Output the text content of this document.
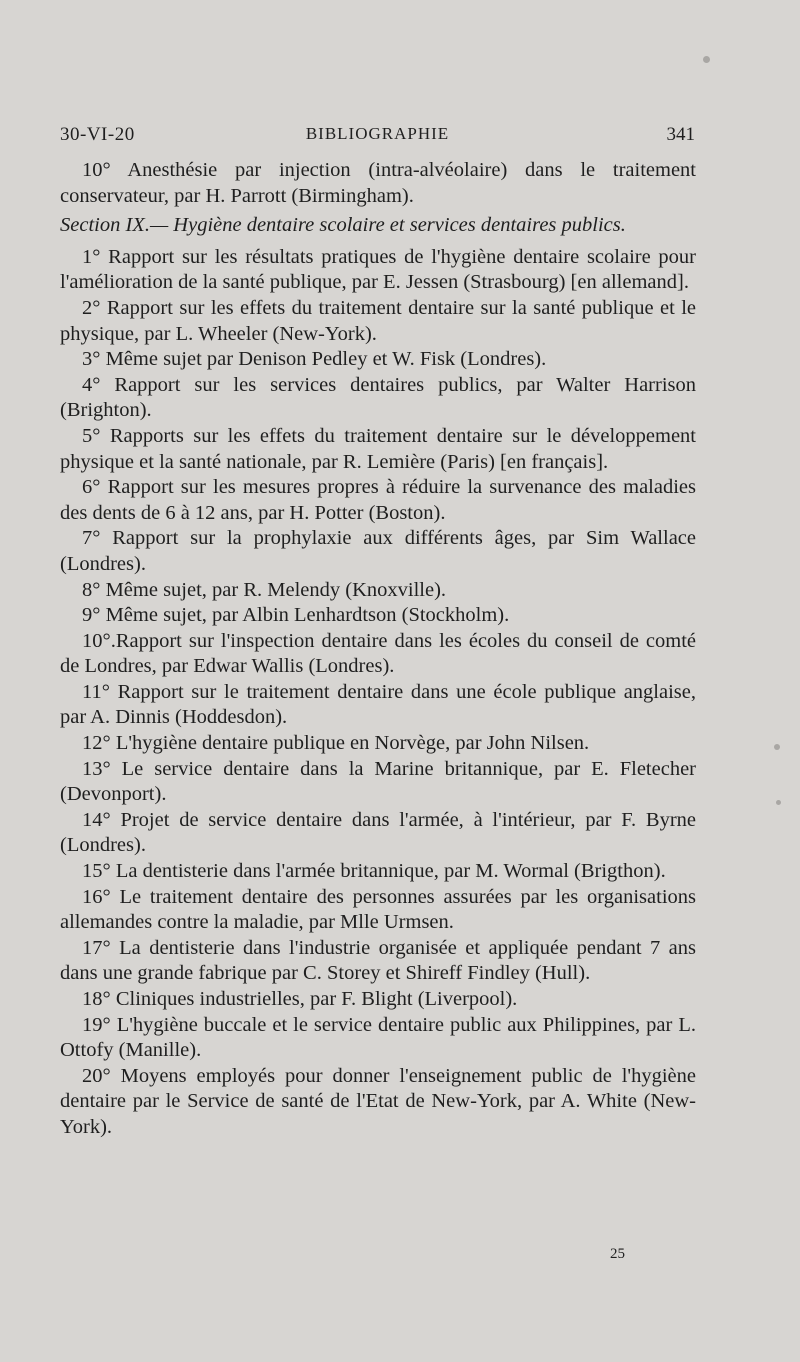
30-VI-20	BIBLIOGRAPHIE	341

10° Anesthésie par injection (intra-alvéolaire) dans le traitement conservateur, par H. Parrott (Birmingham).

Section IX.— Hygiène dentaire scolaire et services dentaires publics.

1° Rapport sur les résultats pratiques de l'hygiène dentaire scolaire pour l'amélioration de la santé publique, par E. Jessen (Strasbourg) [en allemand].

2° Rapport sur les effets du traitement dentaire sur la santé publique et le physique, par L. Wheeler (New-York).

3° Même sujet par Denison Pedley et W. Fisk (Londres).

4° Rapport sur les services dentaires publics, par Walter Harrison (Brighton).

5° Rapports sur les effets du traitement dentaire sur le développement physique et la santé nationale, par R. Lemière (Paris) [en français].

6° Rapport sur les mesures propres à réduire la survenance des maladies des dents de 6 à 12 ans, par H. Potter (Boston).

7° Rapport sur la prophylaxie aux différents âges, par Sim Wallace (Londres).

8° Même sujet, par R. Melendy (Knoxville).

9° Même sujet, par Albin Lenhardtson (Stockholm).

10°.Rapport sur l'inspection dentaire dans les écoles du conseil de comté de Londres, par Edwar Wallis (Londres).

11° Rapport sur le traitement dentaire dans une école publique anglaise, par A. Dinnis (Hoddesdon).

12° L'hygiène dentaire publique en Norvège, par John Nilsen.

13° Le service dentaire dans la Marine britannique, par E. Fletecher (Devonport).

14° Projet de service dentaire dans l'armée, à l'intérieur, par F. Byrne (Londres).

15° La dentisterie dans l'armée britannique, par M. Wormal (Brigthon).

16° Le traitement dentaire des personnes assurées par les organisations allemandes contre la maladie, par Mlle Urmsen.

17° La dentisterie dans l'industrie organisée et appliquée pendant 7 ans dans une grande fabrique par C. Storey et Shireff Findley (Hull).

18° Cliniques industrielles, par F. Blight (Liverpool).

19° L'hygiène buccale et le service dentaire public aux Philippines, par L. Ottofy (Manille).

20° Moyens employés pour donner l'enseignement public de l'hygiène dentaire par le Service de santé de l'Etat de New-York, par A. White (New-York).

25
